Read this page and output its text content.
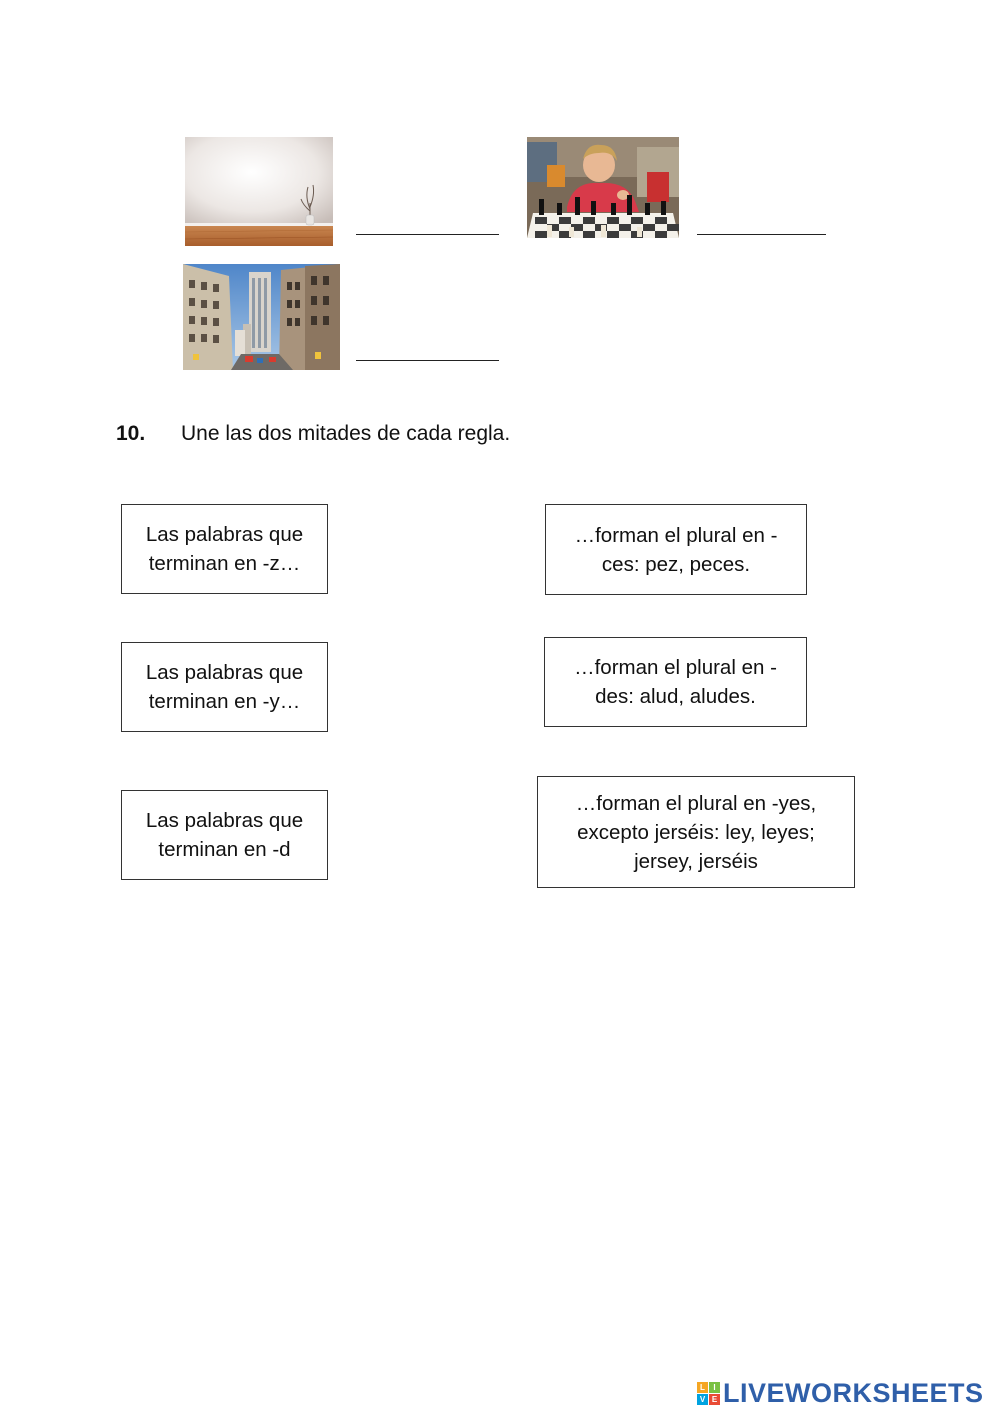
10. Une las dos mitades de cada regla.
Las palabras que
terminan en -z…
Las palabras que
terminan en -y…
Las palabras que
terminan en -d
…forman el plural en -
ces: pez, peces.
…forman el plural en -
des: alud, aludes.
…forman el plural en -yes,
excepto jerséis: ley, leyes;
jersey, jerséis
L	I
V E LIVEWORKSHEETS
